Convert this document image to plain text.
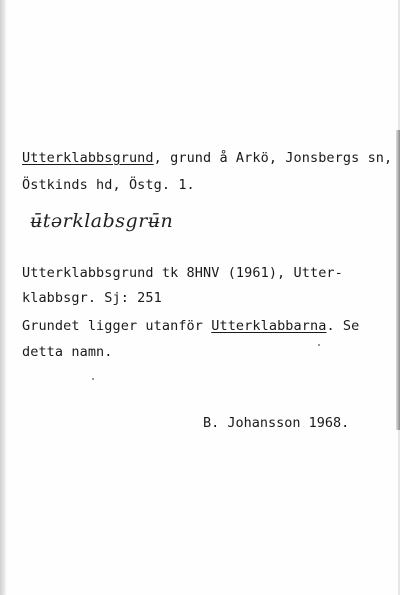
Utterklabbsgrund, grund å Arkö, Jonsbergs sn,
Östkinds hd, Östg. 1.
ʉ̄tərklabsgrʉ̄n
Utterklabbsgrund tk 8HNV (1961), Utter-
klabbsgr. Sj: 251
Grundet ligger utanför Utterklabbarna. Se
detta namn.
B. Johansson 1968.
